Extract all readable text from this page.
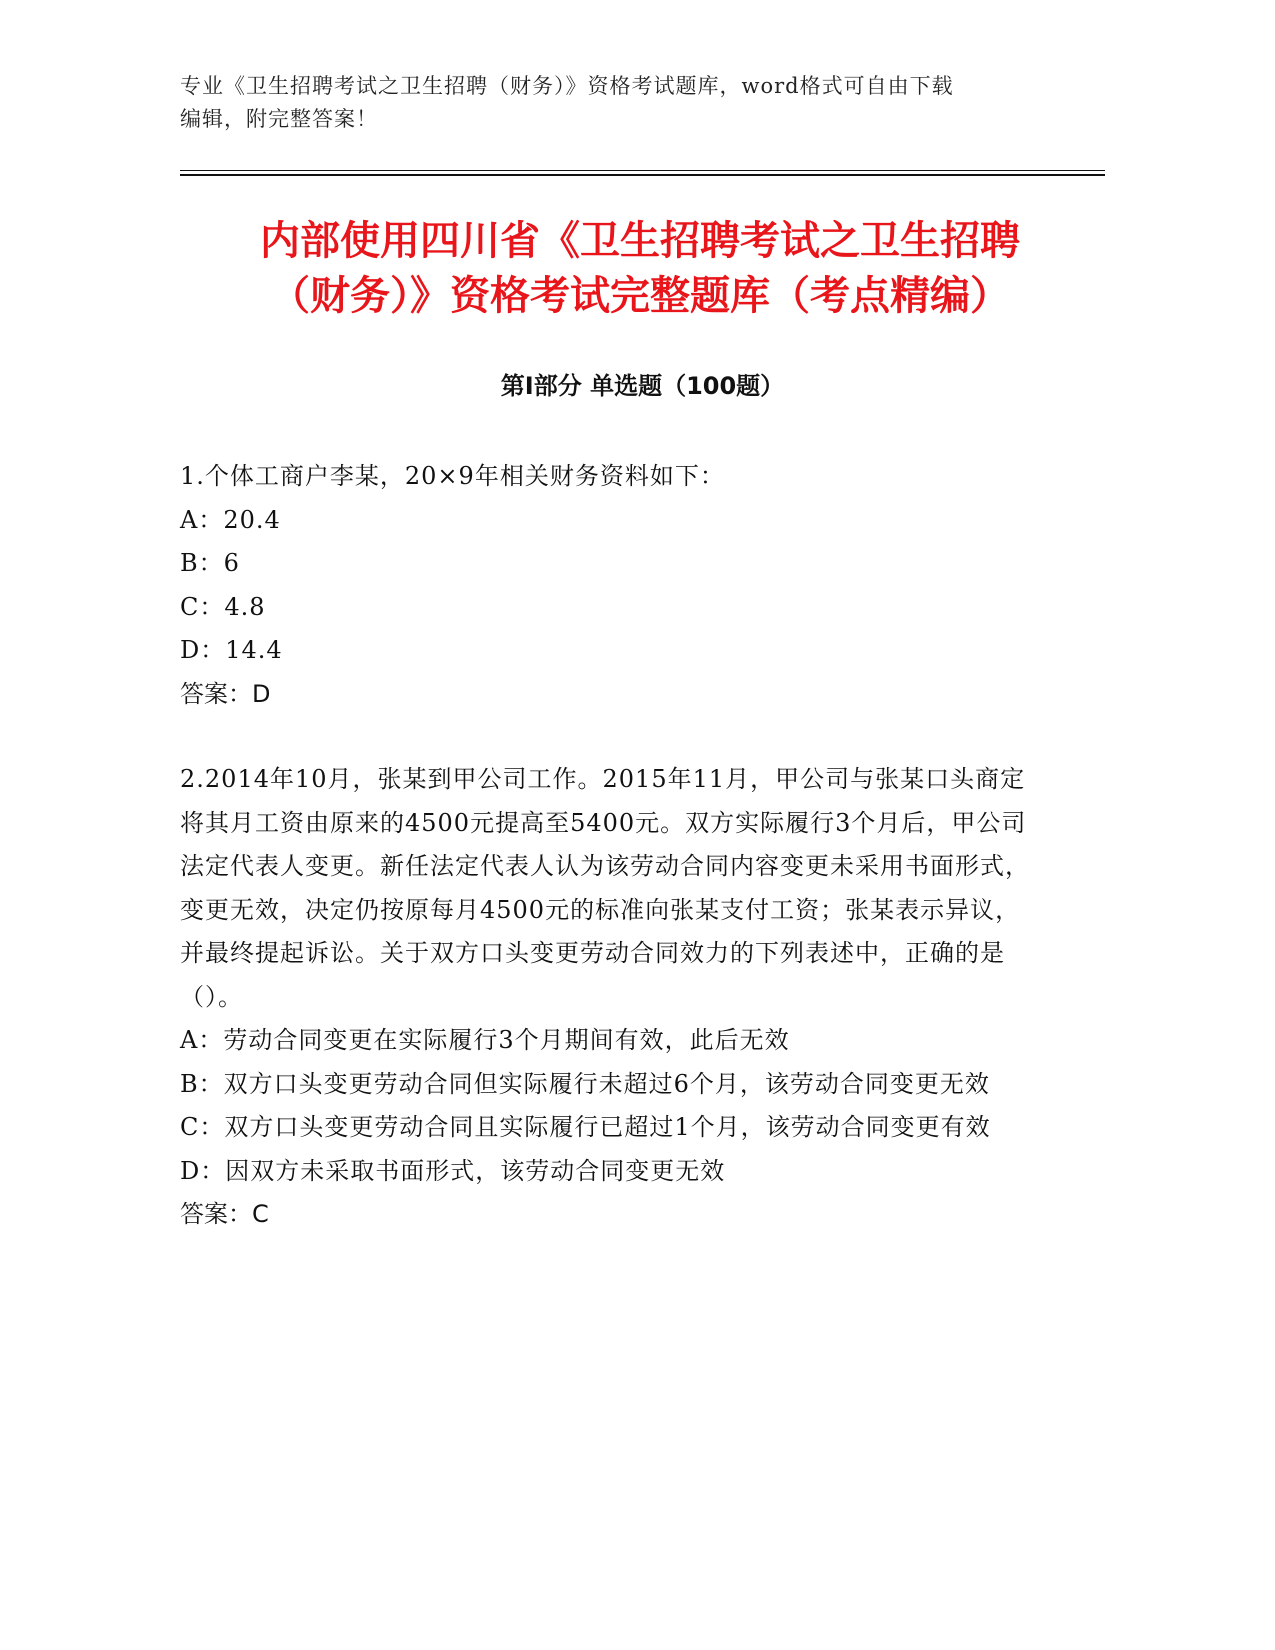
专业《卫生招聘考试之卫生招聘（财务）》资格考试题库，word格式可自由下载
编辑，附完整答案！
内部使用四川省《卫生招聘考试之卫生招聘
（财务）》资格考试完整题库（考点精编）
第Ⅰ部分 单选题（100题）

1.个体工商户李某，20×9年相关财务资料如下：

A：20.4

B：6

C：4.8

D：14.4

答案：D

2.2014年10月，张某到甲公司工作。2015年11月，甲公司与张某口头商定将其月工资由原来的4500元提高至5400元。双方实际履行3个月后，甲公司法定代表人变更。新任法定代表人认为该劳动合同内容变更未采用书面形式，变更无效，决定仍按原每月4500元的标准向张某支付工资；张某表示异议，并最终提起诉讼。关于双方口头变更劳动合同效力的下列表述中，正确的是（）。

A：劳动合同变更在实际履行3个月期间有效，此后无效

B：双方口头变更劳动合同但实际履行未超过6个月，该劳动合同变更无效

C：双方口头变更劳动合同且实际履行已超过1个月，该劳动合同变更有效

D：因双方未采取书面形式，该劳动合同变更无效

答案：C
